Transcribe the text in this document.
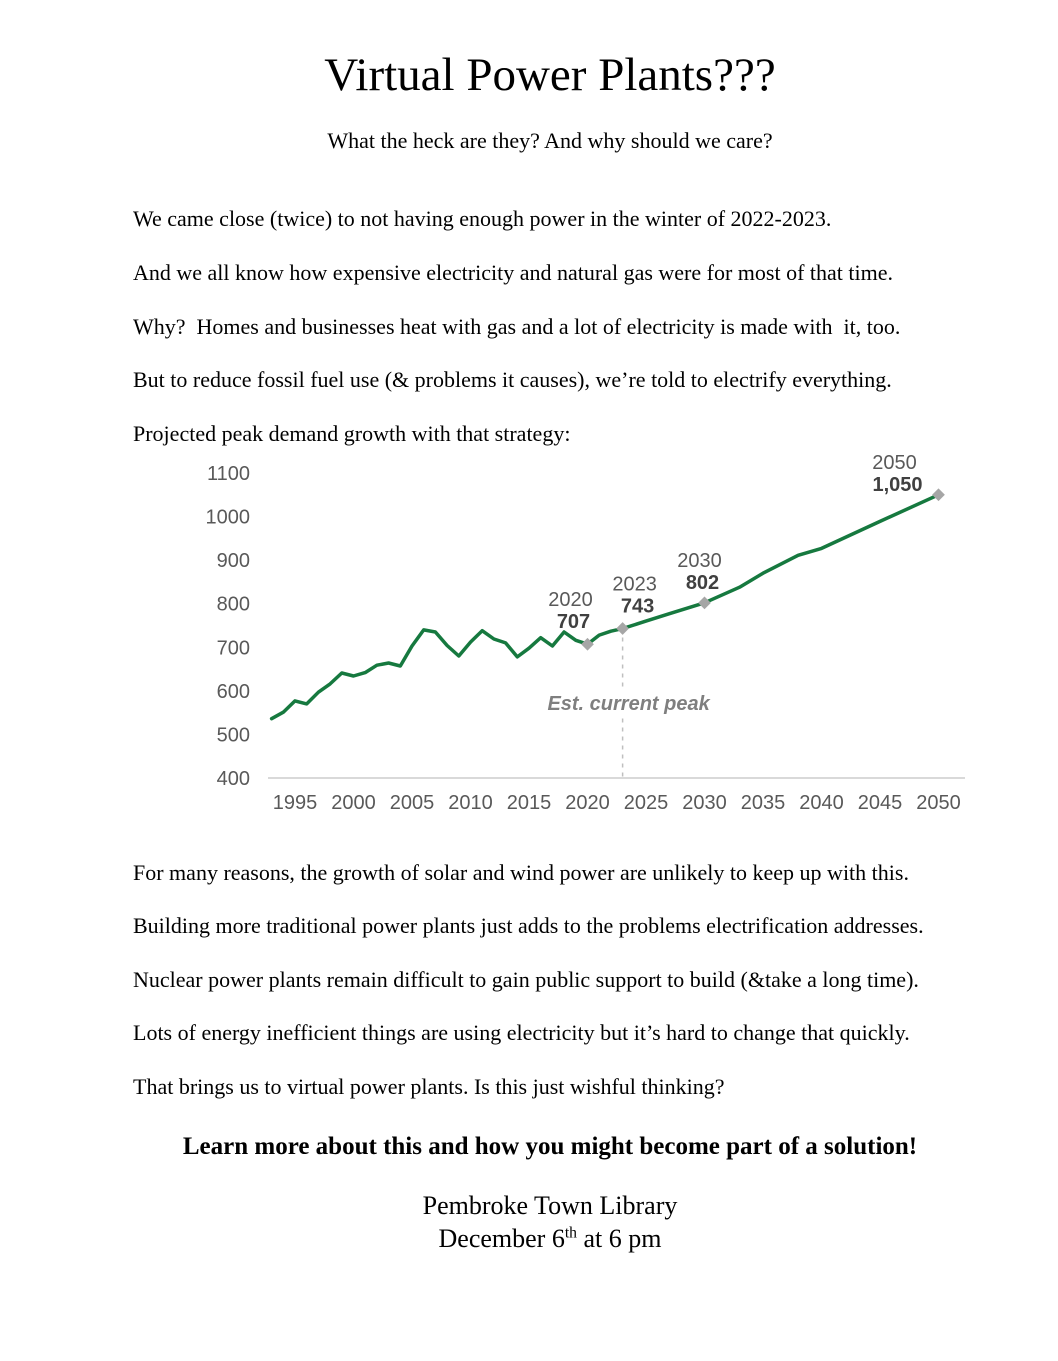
Virtual Power Plants???
What the heck are they? And why should we care?

We came close (twice) to not having enough power in the winter of 2022-2023.

And we all know how expensive electricity and natural gas were for most of that time.

Why?  Homes and businesses heat with gas and a lot of electricity is made with  it, too.

But to reduce fossil fuel use (& problems it causes), we’re told to electrify everything.

Projected peak demand growth with that strategy:

400
500
600
700
800
900
1000
1100
1995 2000 2005 2010 2015 2020 2025 2030 2035 2040 2045 2050
Est. current peak
2020
707
2023
743
2030
802
2050
1,050

For many reasons, the growth of solar and wind power are unlikely to keep up with this.

Building more traditional power plants just adds to the problems electrification addresses.

Nuclear power plants remain difficult to gain public support to build (&take a long time).

Lots of energy inefficient things are using electricity but it’s hard to change that quickly.

That brings us to virtual power plants. Is this just wishful thinking?

Learn more about this and how you might become part of a solution!
Pembroke Town Library
December 6th at 6 pm
